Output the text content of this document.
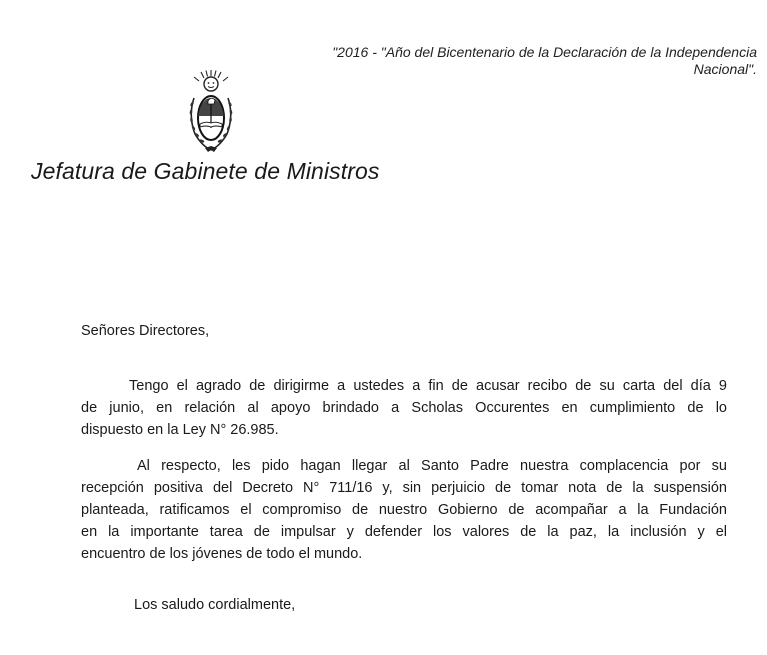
"2016 - "Año del Bicentenario de la Declaración de la Independencia
Nacional".
Jefatura de Gabinete de Ministros
Señores Directores,
Tengo el agrado de dirigirme a ustedes a fin de acusar recibo de su carta del día 9
de junio, en relación al apoyo brindado a Scholas Occurentes en cumplimiento de lo
dispuesto en la Ley N° 26.985.
Al respecto, les pido hagan llegar al Santo Padre nuestra complacencia por su
recepción positiva del Decreto N° 711/16 y, sin perjuicio de tomar nota de la suspensión
planteada, ratificamos el compromiso de nuestro Gobierno de acompañar a la Fundación
en la importante tarea de impulsar y defender los valores de la paz, la inclusión y el
encuentro de los jóvenes de todo el mundo.
Los saludo cordialmente,
